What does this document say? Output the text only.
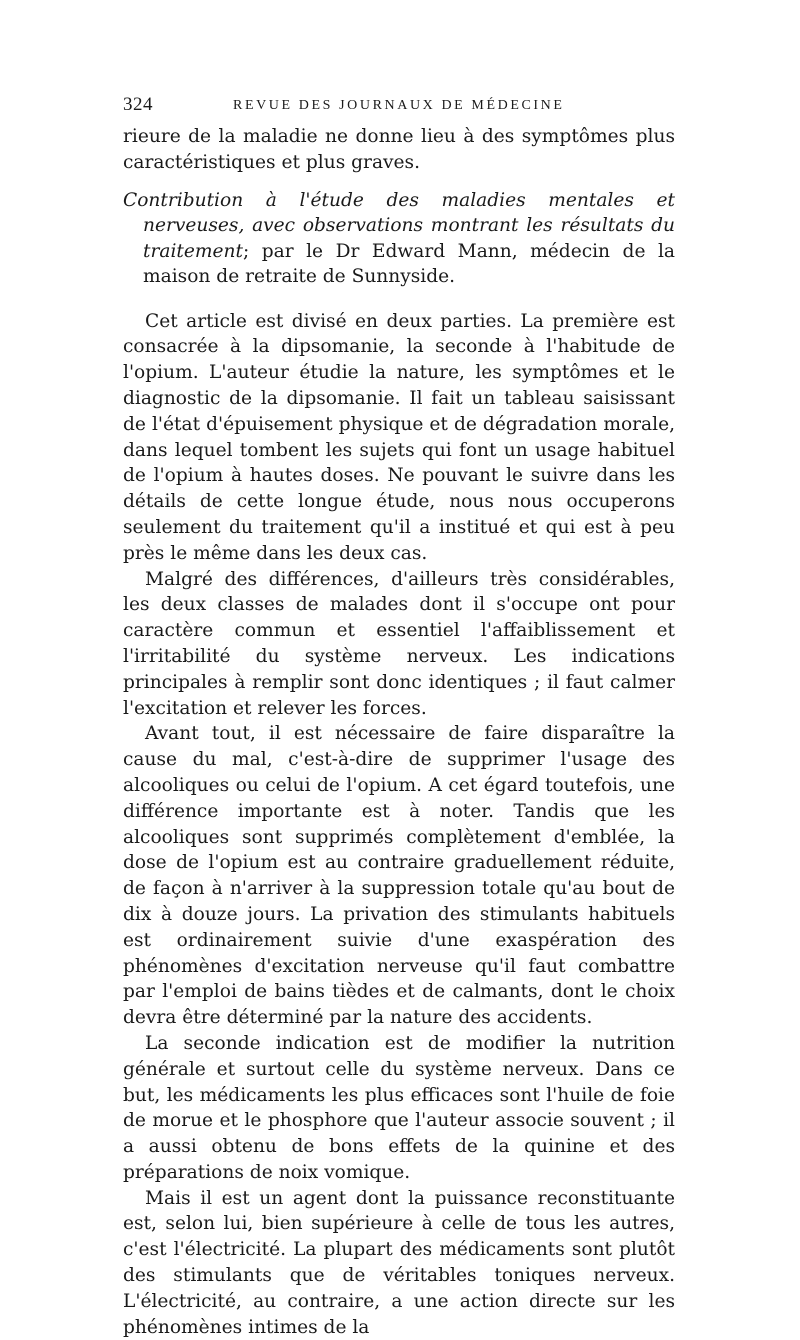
324	REVUE DES JOURNAUX DE MÉDECINE

rieure de la maladie ne donne lieu à des symptômes plus caractéristiques et plus graves.

Contribution à l'étude des maladies mentales et nerveuses, avec observations montrant les résultats du traitement; par le Dr Edward Mann, médecin de la maison de retraite de Sunnyside.

Cet article est divisé en deux parties. La première est consacrée à la dipsomanie, la seconde à l'habitude de l'opium. L'auteur étudie la nature, les symptômes et le diagnostic de la dipsomanie. Il fait un tableau saisissant de l'état d'épuisement physique et de dégradation morale, dans lequel tombent les sujets qui font un usage habituel de l'opium à hautes doses. Ne pouvant le suivre dans les détails de cette longue étude, nous nous occuperons seulement du traitement qu'il a institué et qui est à peu près le même dans les deux cas.

Malgré des différences, d'ailleurs très considérables, les deux classes de malades dont il s'occupe ont pour caractère commun et essentiel l'affaiblissement et l'irritabilité du système nerveux. Les indications principales à remplir sont donc identiques ; il faut calmer l'excitation et relever les forces.

Avant tout, il est nécessaire de faire disparaître la cause du mal, c'est-à-dire de supprimer l'usage des alcooliques ou celui de l'opium. A cet égard toutefois, une différence importante est à noter. Tandis que les alcooliques sont supprimés complètement d'emblée, la dose de l'opium est au contraire graduellement réduite, de façon à n'arriver à la suppression totale qu'au bout de dix à douze jours. La privation des stimulants habituels est ordinairement suivie d'une exaspération des phénomènes d'excitation nerveuse qu'il faut combattre par l'emploi de bains tièdes et de calmants, dont le choix devra être déterminé par la nature des accidents.

La seconde indication est de modifier la nutrition générale et surtout celle du système nerveux. Dans ce but, les médicaments les plus efficaces sont l'huile de foie de morue et le phosphore que l'auteur associe souvent ; il a aussi obtenu de bons effets de la quinine et des préparations de noix vomique.

Mais il est un agent dont la puissance reconstituante est, selon lui, bien supérieure à celle de tous les autres, c'est l'électricité. La plupart des médicaments sont plutôt des stimulants que de véritables toniques nerveux. L'électricité, au contraire, a une action directe sur les phénomènes intimes de la
